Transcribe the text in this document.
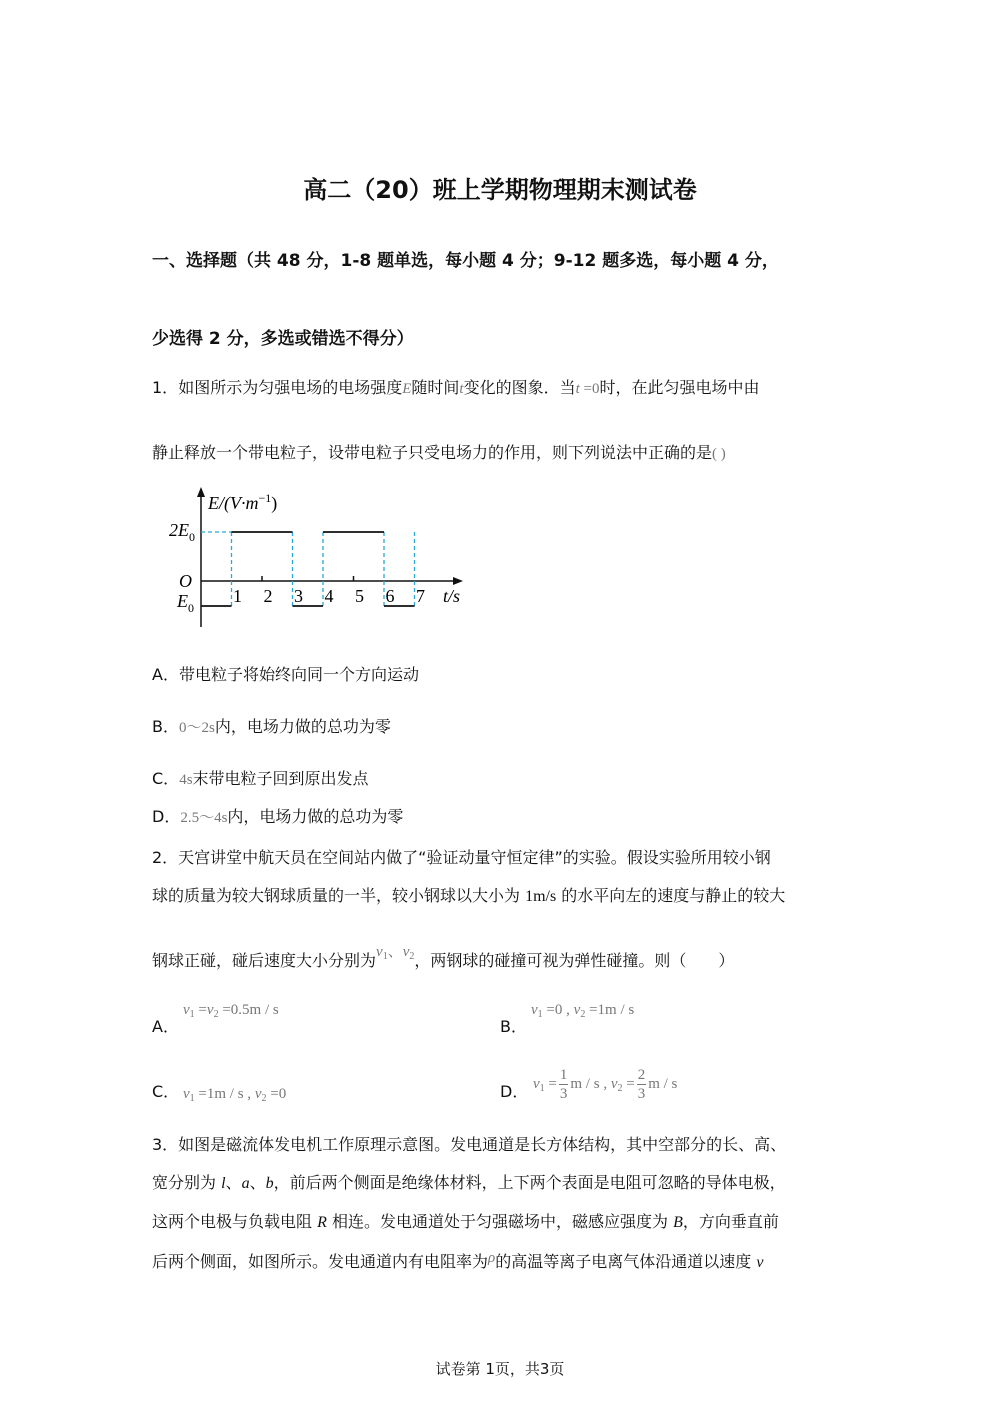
高二（20）班上学期物理期末测试卷
一、选择题（共 48 分，1-8 题单选，每小题 4 分；9-12 题多选，每小题 4 分，
少选得 2 分，多选或错选不得分）
1．如图所示为匀强电场的电场强度E随时间t变化的图象．当t =0时，在此匀强电场中由
静止释放一个带电粒子，设带电粒子只受电场力的作用，则下列说法中正确的是( )
$E/(V\cdot m^{-1})$
$2E_0$
O
$E_0$
1 2 3 4 5 6 7 t/s
A．带电粒子将始终向同一个方向运动
B．0～2s内，电场力做的总功为零
C．4s末带电粒子回到原出发点
D．2.5～4s内，电场力做的总功为零
2．天宫讲堂中航天员在空间站内做了“验证动量守恒定律”的实验。假设实验所用较小钢
球的质量为较大钢球质量的一半，较小钢球以大小为 1m/s 的水平向左的速度与静止的较大
钢球正碰，碰后速度大小分别为$v_1$、$v_2$，两钢球的碰撞可视为弹性碰撞。则（　　）
A．
$v_1 =v_2 =0.5m / s$
B．
$v_1 =0$ , $v_2 =1m / s$
C． $v_1 =1m / s$ , $v_2 =0$	D． $v_1 = \frac{1}{3}$ m / s , $v_2 = \frac{2}{3}$ m / s
3．如图是磁流体发电机工作原理示意图。发电通道是长方体结构，其中空部分的长、高、
宽分别为 l、a、b，前后两个侧面是绝缘体材料，上下两个表面是电阻可忽略的导体电极，
这两个电极与负载电阻 R 相连。发电通道处于匀强磁场中，磁感应强度为 B，方向垂直前
后两个侧面，如图所示。发电通道内有电阻率为ρ的高温等离子电离气体沿通道以速度 v
试卷第 1页，共3页
